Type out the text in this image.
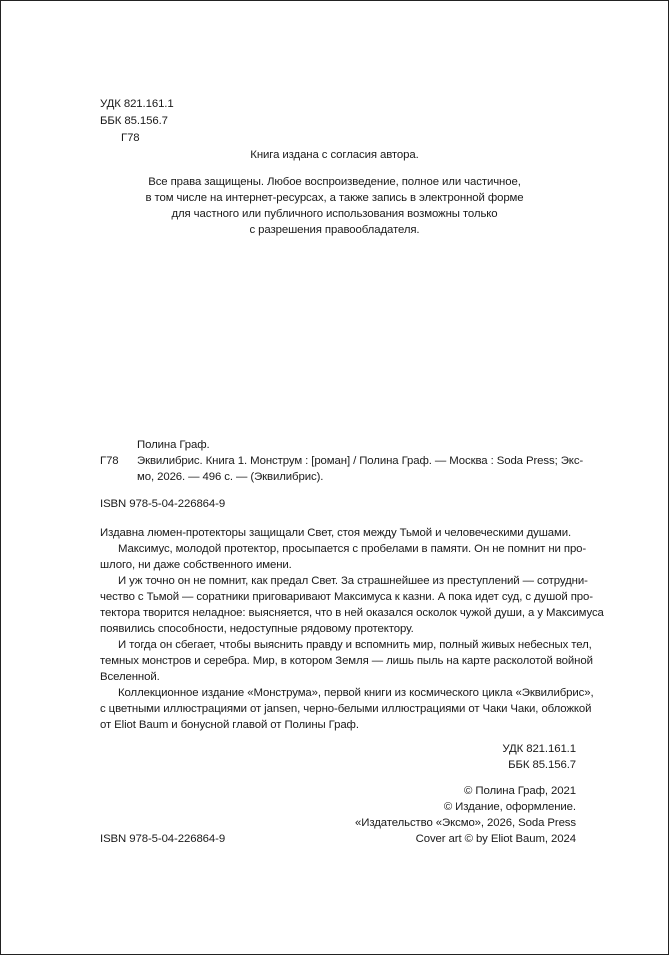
УДК 821.161.1
ББК 85.156.7
Г78
Книга издана с согласия автора.
Все права защищены. Любое воспроизведение, полное или частичное,
в том числе на интернет-ресурсах, а также запись в электронной форме
для частного или публичного использования возможны только
с разрешения правообладателя.
Полина Граф.
Г78 Эквилибрис. Книга 1. Монструм : [роман] / Полина Граф. — Москва : Soda Press; Экс-
мо, 2026. — 496 с. — (Эквилибрис).
ISBN 978-5-04-226864-9
Издавна люмен-протекторы защищали Свет, стоя между Тьмой и человеческими душами.
Максимус, молодой протектор, просыпается с пробелами в памяти. Он не помнит ни про-
шлого, ни даже собственного имени.
И уж точно он не помнит, как предал Свет. За страшнейшее из преступлений — сотрудни-
чество с Тьмой — соратники приговаривают Максимуса к казни. А пока идет суд, с душой про-
тектора творится неладное: выясняется, что в ней оказался осколок чужой души, а у Максимуса
появились способности, недоступные рядовому протектору.
И тогда он сбегает, чтобы выяснить правду и вспомнить мир, полный живых небесных тел,
темных монстров и серебра. Мир, в котором Земля — лишь пыль на карте расколотой войной
Вселенной.
Коллекционное издание «Монструма», первой книги из космического цикла «Эквилибрис»,
с цветными иллюстрациями от jansen, черно-белыми иллюстрациями от Чаки Чаки, обложкой
от Eliot Baum и бонусной главой от Полины Граф.
УДК 821.161.1
ББК 85.156.7
© Полина Граф, 2021
© Издание, оформление.
«Издательство «Эксмо», 2026, Soda Press
Cover art © by Eliot Baum, 2024
ISBN 978-5-04-226864-9
